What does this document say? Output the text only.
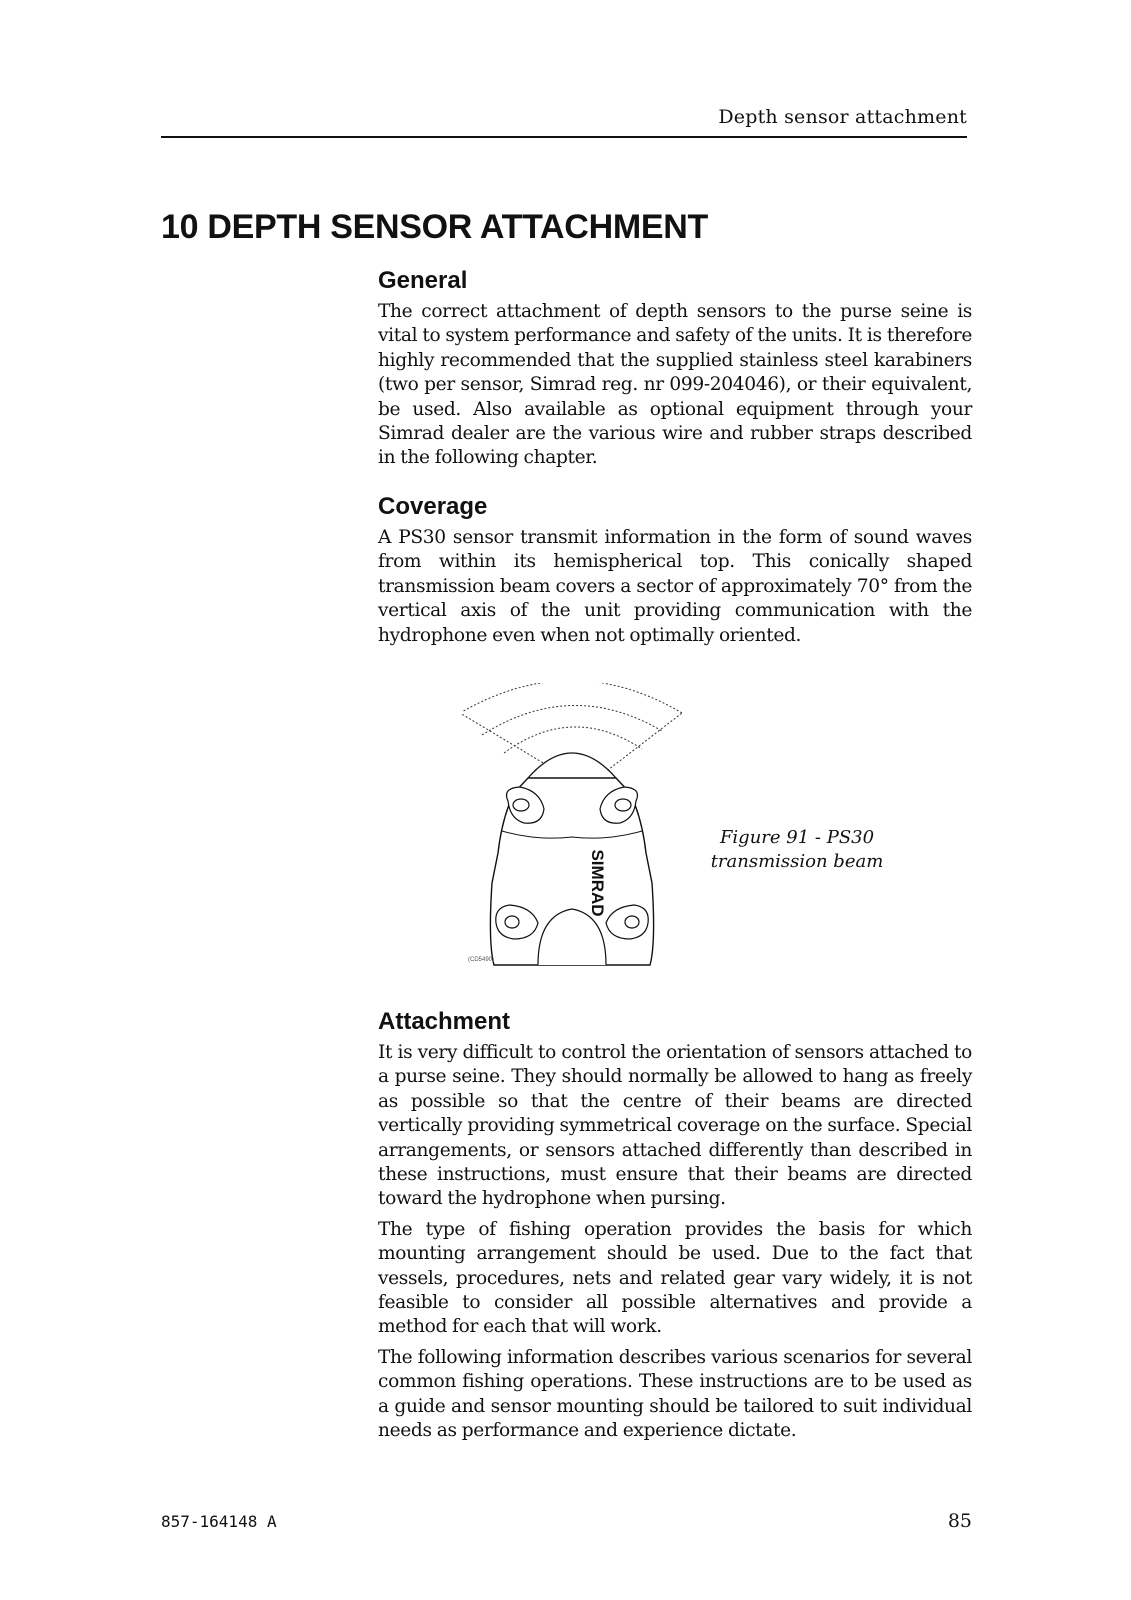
Depth sensor attachment
10 DEPTH SENSOR ATTACHMENT
General

The correct attachment of depth sensors to the purse seine is vital to system performance and safety of the units. It is therefore highly recommended that the supplied stainless steel karabiners (two per sensor, Simrad reg. nr 099-204046), or their equivalent, be used. Also available as optional equipment through your Simrad dealer are the various wire and rubber straps described in the following chapter.

Coverage

A PS30 sensor transmit information in the form of sound waves from within its hemispherical top. This conically shaped transmission beam covers a sector of approximately 70° from the vertical axis of the unit providing communication with the hydrophone even when not optimally oriented.

SIMRAD
(CD5490)
Figure 91 - PS30
transmission beam
Attachment

It is very difficult to control the orientation of sensors attached to a purse seine. They should normally be allowed to hang as freely as possible so that the centre of their beams are directed vertically providing symmetrical coverage on the surface. Special arrangements, or sensors attached differently than described in these instructions, must ensure that their beams are directed toward the hydrophone when pursing.

The type of fishing operation provides the basis for which mounting arrangement should be used. Due to the fact that vessels, procedures, nets and related gear vary widely, it is not feasible to consider all possible alternatives and provide a method for each that will work.

The following information describes various scenarios for several common fishing operations. These instructions are to be used as a guide and sensor mounting should be tailored to suit individual needs as performance and experience dictate.

857-164148 A	85
